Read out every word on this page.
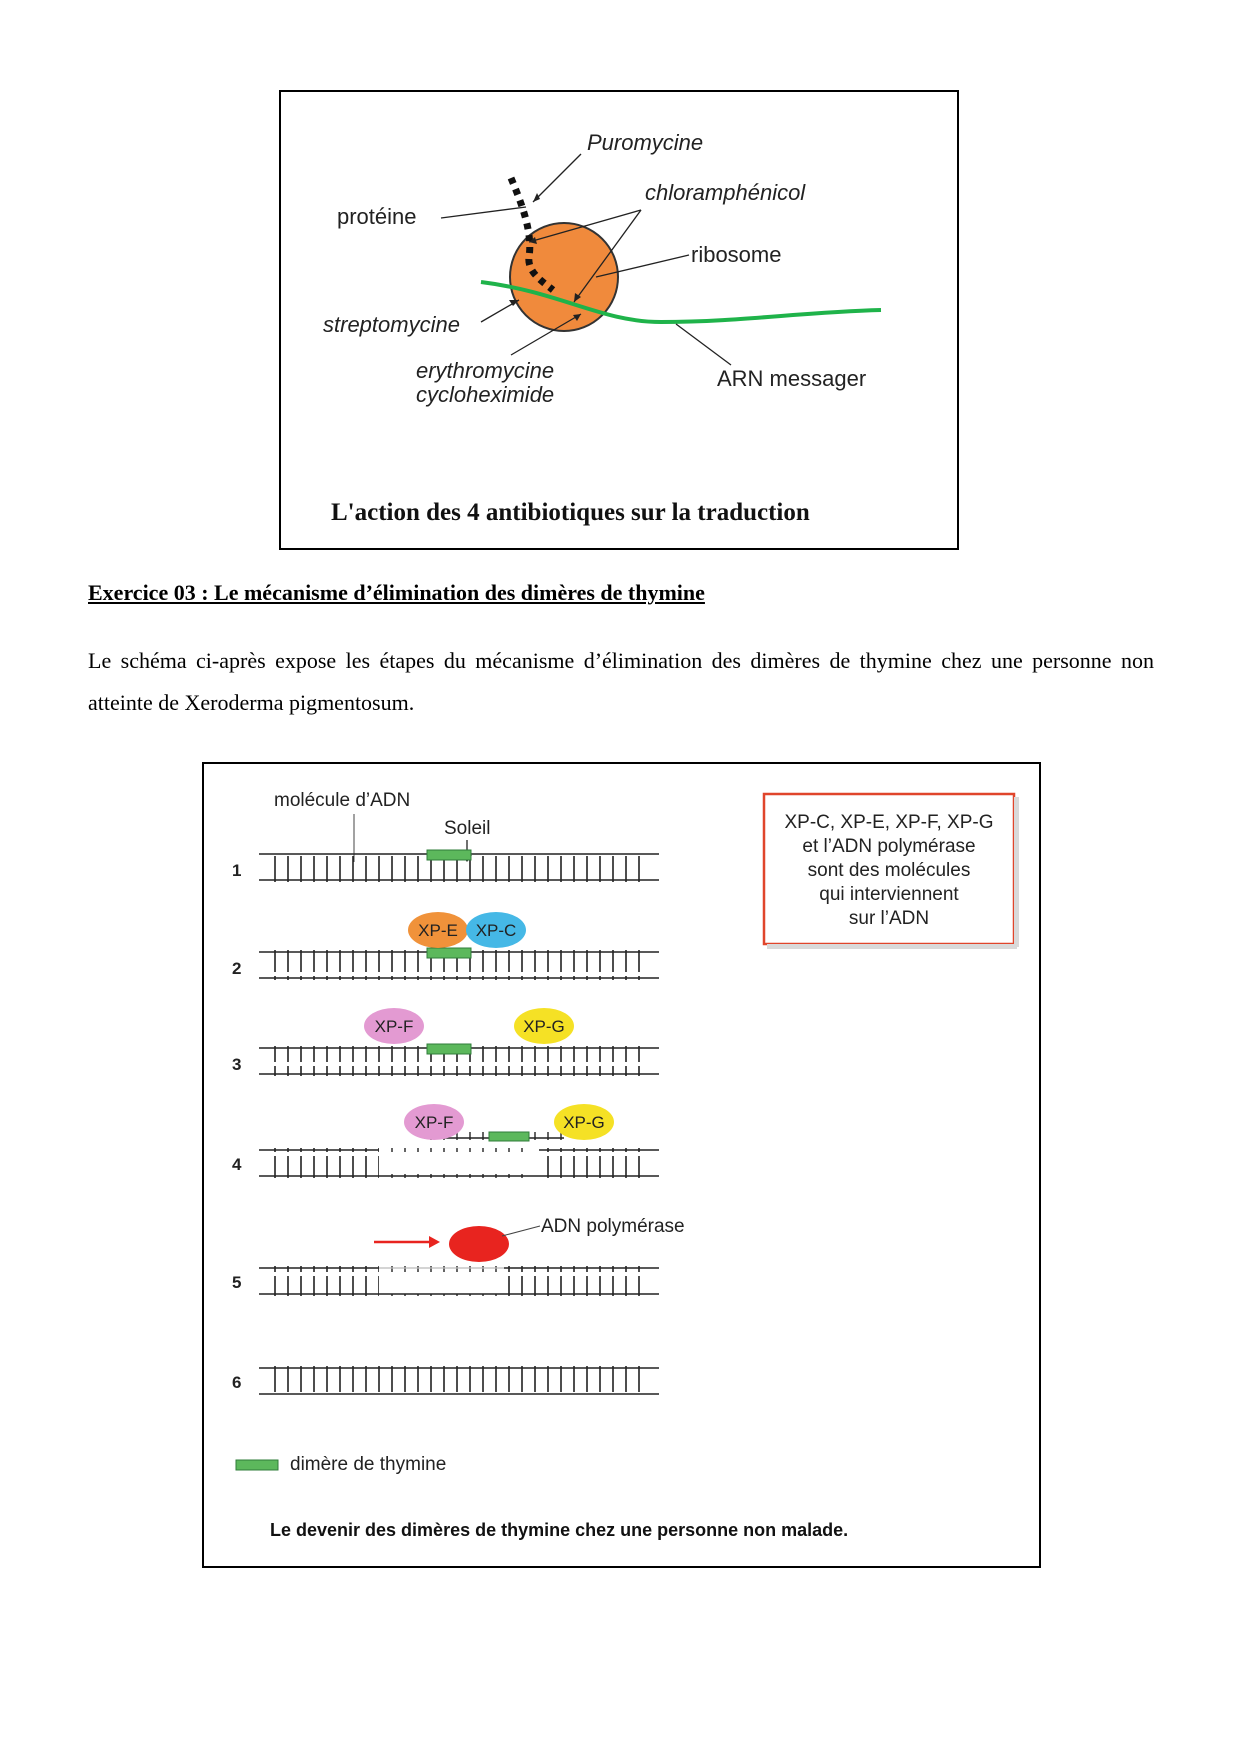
Puromycine
chloramphénicol
protéine
ribosome
streptomycine
erythromycine
cycloheximide
ARN messager
L'action des 4 antibiotiques sur la traduction
Exercice 03 : Le mécanisme d’élimination des dimères de thymine

Le schéma ci-après expose les étapes du mécanisme d’élimination des dimères de thymine chez une personne non atteinte de Xeroderma pigmentosum.

XP-C, XP-E, XP-F, XP-G
et l’ADN polymérase
sont des molécules
qui interviennent
sur l’ADN
molécule d’ADN
Soleil
1
2
3
4
5
6
XP-E XP-C
XP-F	XP-G
XP-F	XP-G
ADN polymérase
dimère de thymine
Le devenir des dimères de thymine chez une personne non malade.
